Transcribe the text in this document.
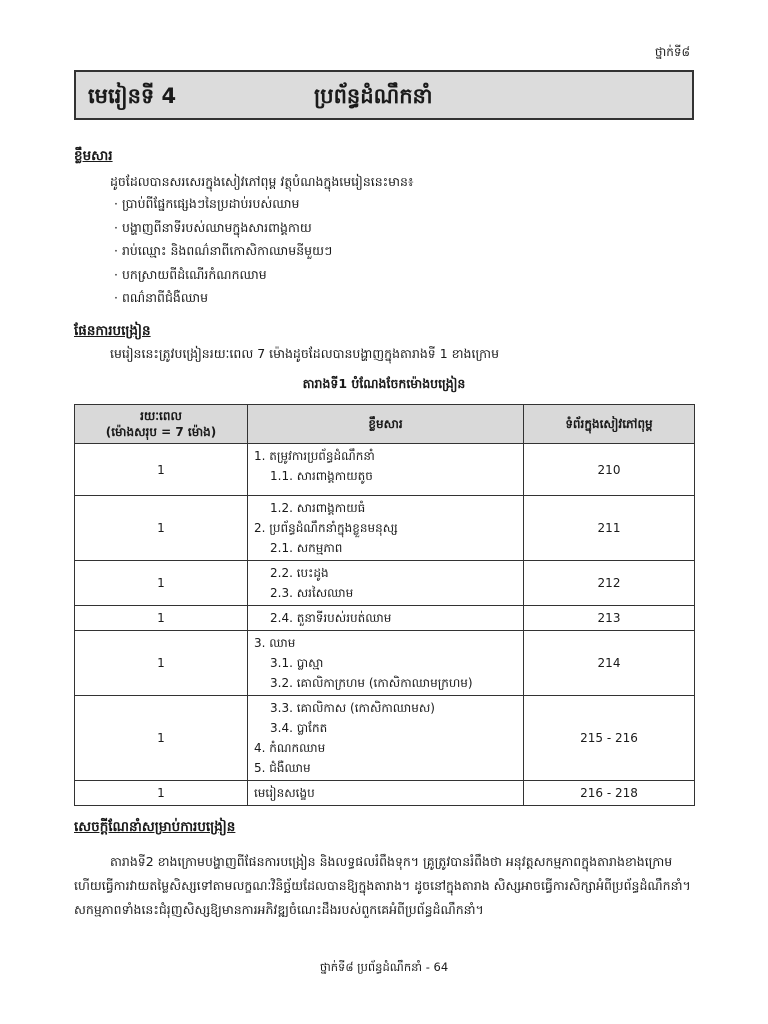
ថ្នាក់ទី៨
មេរៀនទី 4	ប្រព័ន្ធដំណឹកនាំ
ខ្លឹមសារ
ដូចដែលបានសរសេរក្នុងសៀវភៅពុម្ព វត្ថុបំណងក្នុងមេរៀននេះមាន៖
· ប្រាប់ពីផ្នែកផ្សេងៗនៃប្រដាប់របស់ឈាម
· បង្ហាញពីនាទីរបស់ឈាមក្នុងសារពាង្គកាយ
· រាប់ឈ្មោះ និងពណ៌នាពីកោសិកាឈាមនីមួយៗ
· បកស្រាយពីដំណើរកំណកឈាម
· ពណ៌នាពីជំងឺឈាម
ផែនការបង្រៀន
មេរៀននេះត្រូវបង្រៀនរយៈពេល 7 ម៉ោងដូចដែលបានបង្ហាញក្នុងតារាងទី 1 ខាងក្រោម
តារាងទី1 បំណែងចែកម៉ោងបង្រៀន
រយៈពេល
(ម៉ោងសរុប = 7 ម៉ោង)	ខ្លឹមសារ	ទំព័រក្នុងសៀវភៅពុម្ព
1	1. តម្រូវការប្រព័ន្ធដំណឹកនាំ
1.1. សារពាង្គកាយតូច	210
1	1.2. សារពាង្គកាយធំ
2. ប្រព័ន្ធដំណឹកនាំក្នុងខ្លួនមនុស្ស
2.1. សកម្មភាព	211
1	2.2. បេះដូង
2.3. សរសៃឈាម	212
1	2.4. តួនាទីរបស់របត់ឈាម	213
1	3. ឈាម
3.1. ប្លាស្មា
3.2. គោលិកាក្រហម (កោសិកាឈាមក្រហម)	214
1	3.3. គោលិកាស (កោសិកាឈាមស)
3.4. ប្លាកែត
4. កំណកឈាម
5. ជំងឺឈាម	215 - 216
1	មេរៀនសង្ខេប	216 - 218
សេចក្ដីណែនាំសម្រាប់ការបង្រៀន

តារាងទី2 ខាងក្រោមបង្ហាញពីផែនការបង្រៀន និងលទ្ធផលរំពឹងទុក។ គ្រូត្រូវបានរំពឹងថា អនុវត្តសកម្មភាពក្នុងតារាងខាងក្រោម ហើយធ្វើការវាយតម្លៃសិស្សទៅតាមលក្ខណៈវិនិច្ឆ័យដែលបានឱ្យក្នុងតារាង។ ដូចនៅក្នុងតារាង សិស្សអាចធ្វើការសិក្សាអំពីប្រព័ន្ធដំណឹកនាំ។ សកម្មភាពទាំងនេះជំរុញសិស្សឱ្យមានការអភិវឌ្ឍចំណេះដឹងរបស់ពួកគេអំពីប្រព័ន្ធដំណឹកនាំ។

ថ្នាក់ទី៨ ប្រព័ន្ធដំណឹកនាំ - 64
